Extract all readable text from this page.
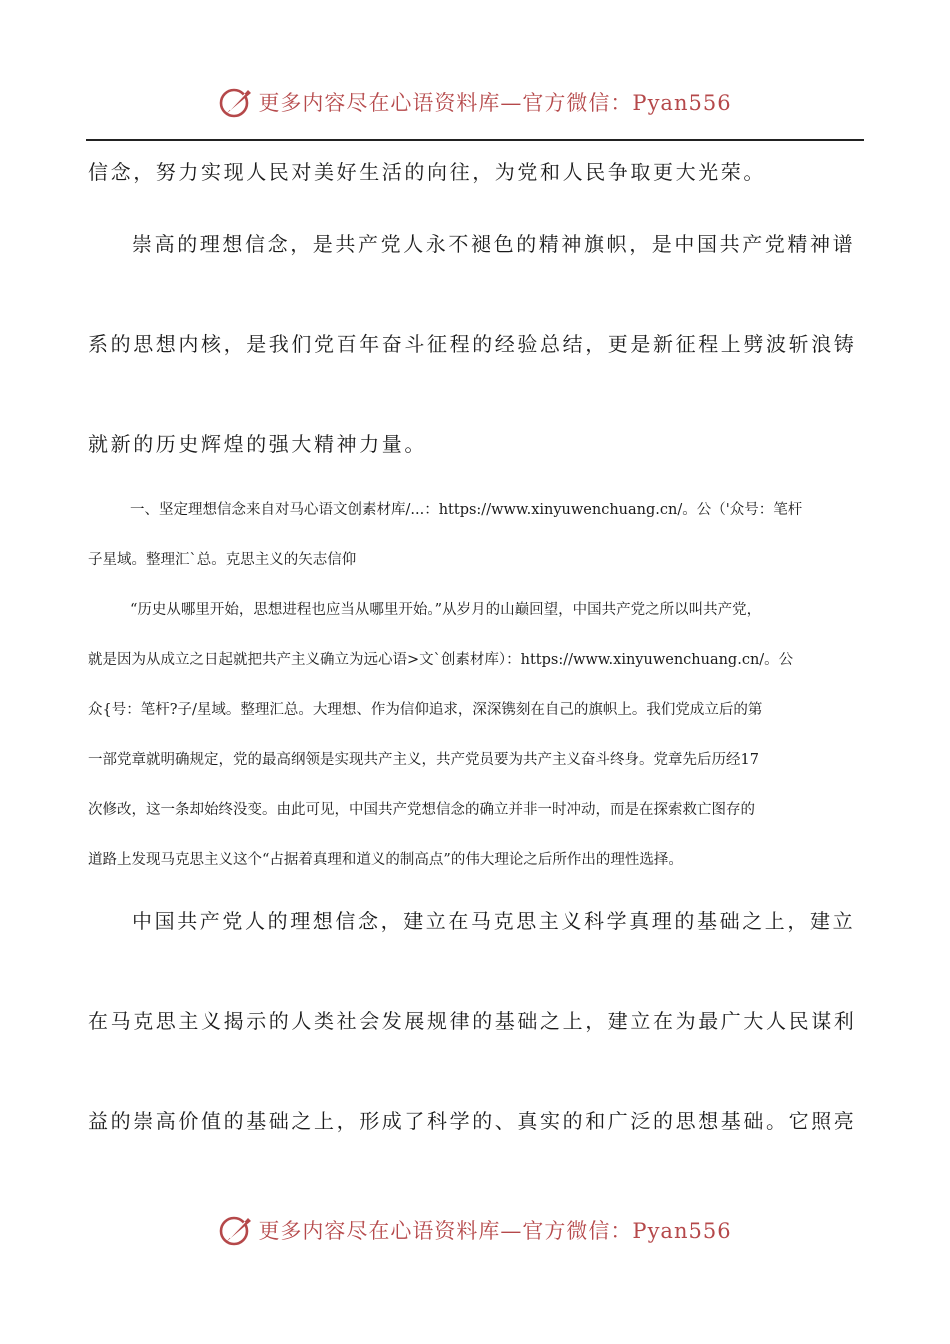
更多内容尽在心语资料库—官方微信：Pyan556

信念，努力实现人民对美好生活的向往，为党和人民争取更大光荣。

崇高的理想信念，是共产党人永不褪色的精神旗帜，是中国共产党精神谱
系的思想内核，是我们党百年奋斗征程的经验总结，更是新征程上劈波斩浪铸
就新的历史辉煌的强大精神力量。

一、坚定理想信念来自对马心语文创素材库/...：https://www.xinyuwenchuang.cn/。公（'众号：笔杆
子星域。整理汇`总。克思主义的矢志信仰

“历史从哪里开始，思想进程也应当从哪里开始。”从岁月的山巅回望，中国共产党之所以叫共产党，
就是因为从成立之日起就把共产主义确立为远心语>文`创素材库）：https://www.xinyuwenchuang.cn/。公
众{号：笔杆?子/星域。整理汇总。大理想、作为信仰追求，深深镌刻在自己的旗帜上。我们党成立后的第
一部党章就明确规定，党的最高纲领是实现共产主义，共产党员要为共产主义奋斗终身。党章先后历经17
次修改，这一条却始终没变。由此可见，中国共产党想信念的确立并非一时冲动，而是在探索救亡图存的
道路上发现马克思主义这个“占据着真理和道义的制高点”的伟大理论之后所作出的理性选择。

中国共产党人的理想信念，建立在马克思主义科学真理的基础之上，建立
在马克思主义揭示的人类社会发展规律的基础之上，建立在为最广大人民谋利
益的崇高价值的基础之上，形成了科学的、真实的和广泛的思想基础。它照亮

更多内容尽在心语资料库—官方微信：Pyan556
